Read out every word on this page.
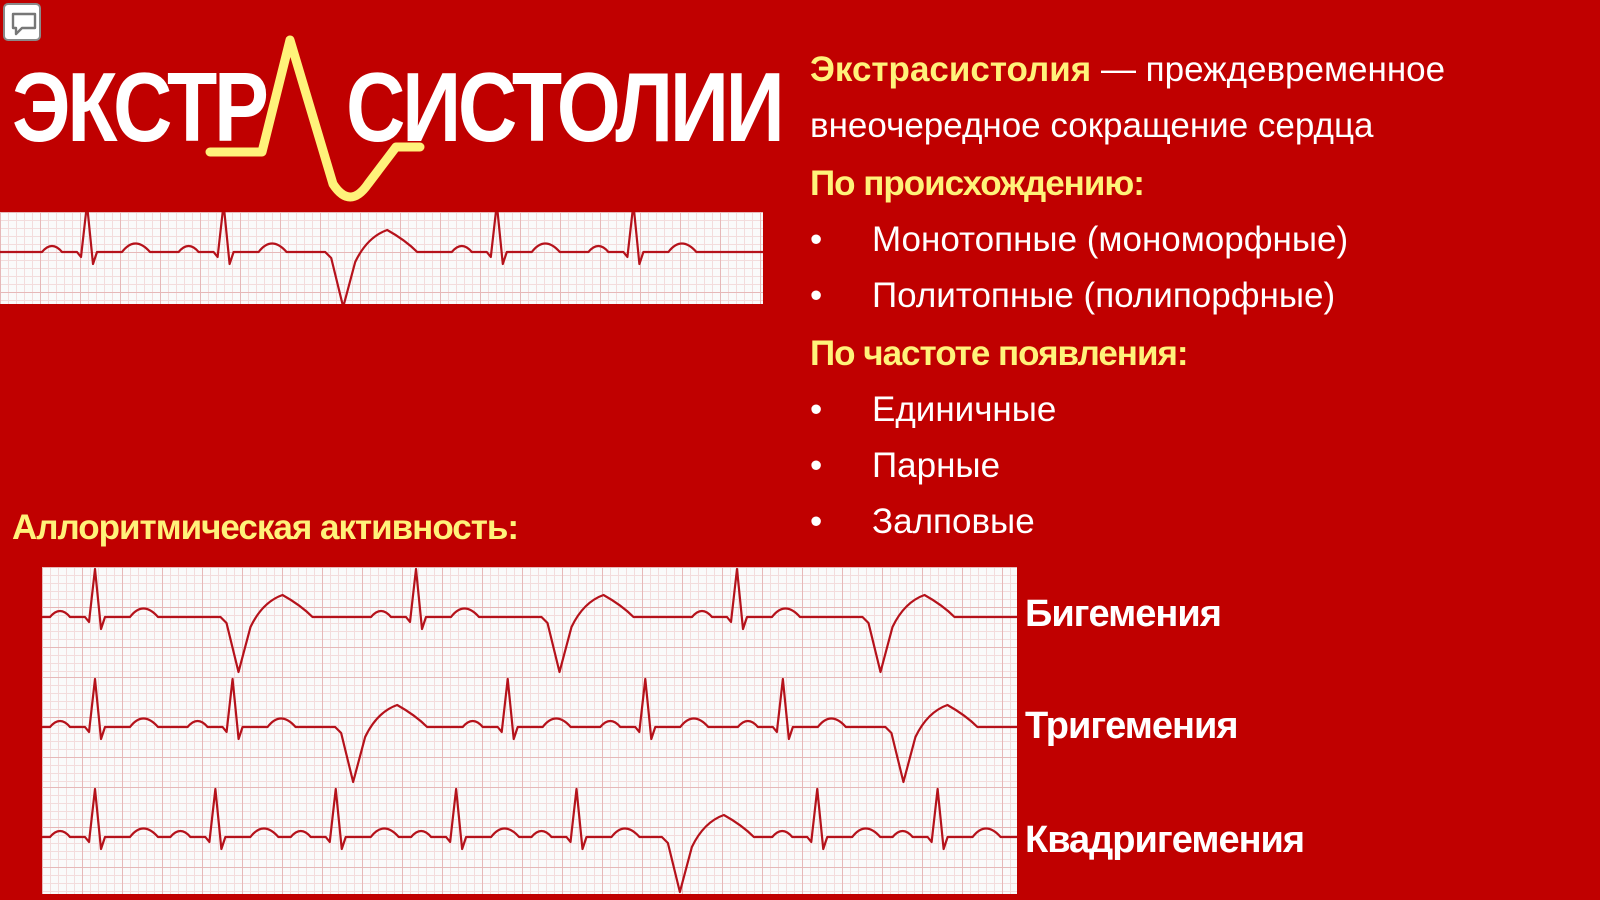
ЭКСТР СИСТОЛИИ Экстрасистолия — преждевременное внеочередное сокращение сердца

По происхождению:

• Монотопные (мономорфные)
• Политопные (полипорфные)

По частоте появления:

• Единичные
• Парные
• Залповые

Аллоритмическая активность:

Бигемения

Тригемения

Квадригемения
